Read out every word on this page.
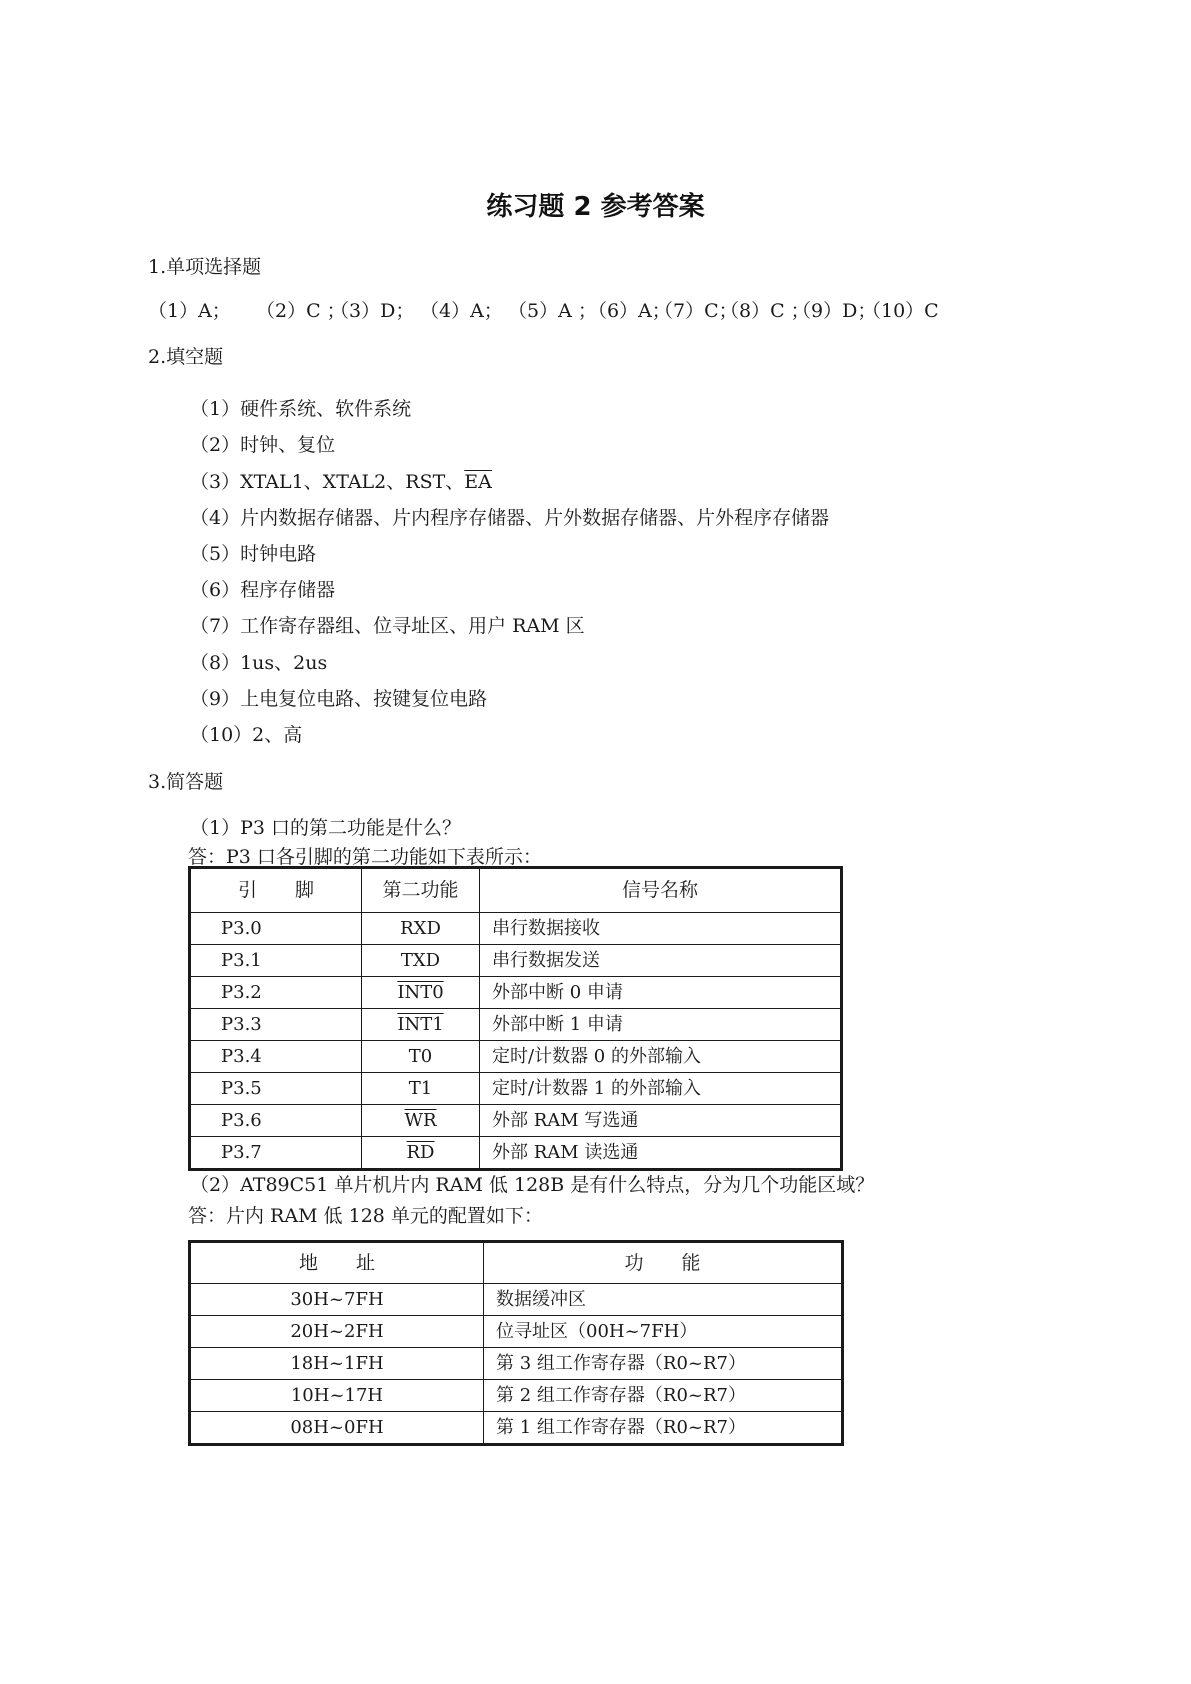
练习题 2 参考答案
1.单项选择题
（1）A； （2）C ；（3）D； （4）A； （5）A ；（6）A；（7）C；（8）C ；（9）D；（10）C
2.填空题
（1）硬件系统、软件系统
（2）时钟、复位
（3）XTAL1、XTAL2、RST、$\overline{EA}$
（4）片内数据存储器、片内程序存储器、片外数据存储器、片外程序存储器
（5）时钟电路
（6）程序存储器
（7）工作寄存器组、位寻址区、用户 RAM 区
（8）1us、2us
（9）上电复位电路、按键复位电路
（10）2、高
3.简答题
（1）P3 口的第二功能是什么？
答：P3 口各引脚的第二功能如下表所示：
引　　脚	第二功能	信号名称
P3.0	RXD	串行数据接收
P3.1	TXD	串行数据发送
P3.2	INT0	外部中断 0 申请
P3.3	INT1	外部中断 1 申请
P3.4	T0	定时/计数器 0 的外部输入
P3.5	T1	定时/计数器 1 的外部输入
P3.6	$\overline{WR}$	外部 RAM 写选通
P3.7	$\overline{RD}$	外部 RAM 读选通
（2）AT89C51 单片机片内 RAM 低 128B 是有什么特点，分为几个功能区域？
答：片内 RAM 低 128 单元的配置如下：
地　　址	功　　能
30H~7FH	数据缓冲区
20H~2FH	位寻址区（00H~7FH）
18H~1FH	第 3 组工作寄存器（R0~R7）
10H~17H	第 2 组工作寄存器（R0~R7）
08H~0FH	第 1 组工作寄存器（R0~R7）
